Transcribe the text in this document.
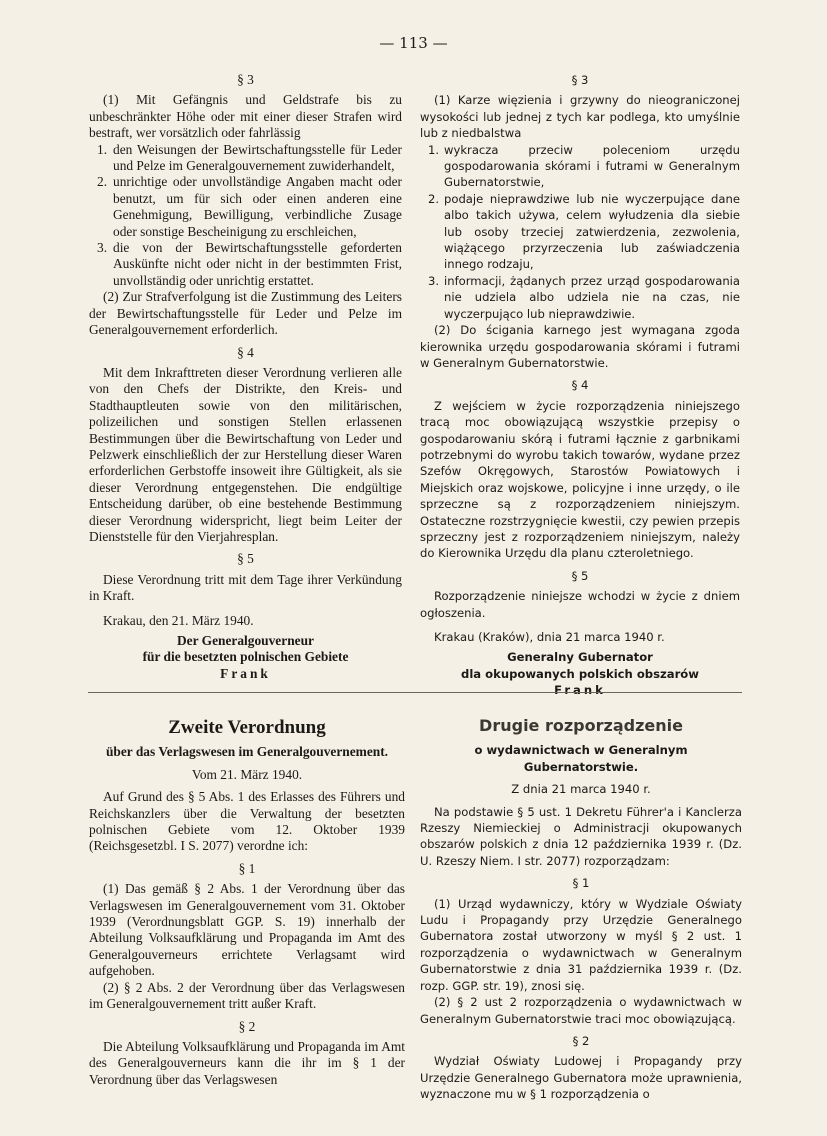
— 113 —
§ 3

(1) Mit Gefängnis und Geldstrafe bis zu unbeschränkter Höhe oder mit einer dieser Strafen wird bestraft, wer vorsätzlich oder fahrlässig

1. den Weisungen der Bewirtschaftungsstelle für Leder und Pelze im Generalgouvernement zuwiderhandelt,
2. unrichtige oder unvollständige Angaben macht oder benutzt, um für sich oder einen anderen eine Genehmigung, Bewilligung, verbindliche Zusage oder sonstige Bescheinigung zu erschleichen,
3. die von der Bewirtschaftungsstelle geforderten Auskünfte nicht oder nicht in der bestimmten Frist, unvollständig oder unrichtig erstattet.

(2) Zur Strafverfolgung ist die Zustimmung des Leiters der Bewirtschaftungsstelle für Leder und Pelze im Generalgouvernement erforderlich.

§ 4

Mit dem Inkrafttreten dieser Verordnung verlieren alle von den Chefs der Distrikte, den Kreis- und Stadthauptleuten sowie von den militärischen, polizeilichen und sonstigen Stellen erlassenen Bestimmungen über die Bewirtschaftung von Leder und Pelzwerk einschließlich der zur Herstellung dieser Waren erforderlichen Gerbstoffe insoweit ihre Gültigkeit, als sie dieser Verordnung entgegenstehen. Die endgültige Entscheidung darüber, ob eine bestehende Bestimmung dieser Verordnung widerspricht, liegt beim Leiter der Dienststelle für den Vierjahresplan.

§ 5

Diese Verordnung tritt mit dem Tage ihrer Verkündung in Kraft.

Krakau, den 21. März 1940.

Der Generalgouverneur
für die besetzten polnischen Gebiete
Frank
§ 3

(1) Karze więzienia i grzywny do nieograniczonej wysokości lub jednej z tych kar podlega, kto umyślnie lub z niedbalstwa

1. wykracza przeciw poleceniom urzędu gospodarowania skórami i futrami w Generalnym Gubernatorstwie,
2. podaje nieprawdziwe lub nie wyczerpujące dane albo takich używa, celem wyłudzenia dla siebie lub osoby trzeciej zatwierdzenia, zezwolenia, wiążącego przyrzeczenia lub zaświadczenia innego rodzaju,
3. informacji, żądanych przez urząd gospodarowania nie udziela albo udziela nie na czas, nie wyczerpująco lub nieprawdziwie.

(2) Do ścigania karnego jest wymagana zgoda kierownika urzędu gospodarowania skórami i futrami w Generalnym Gubernatorstwie.

§ 4

Z wejściem w życie rozporządzenia niniejszego tracą moc obowiązującą wszystkie przepisy o gospodarowaniu skórą i futrami łącznie z garbnikami potrzebnymi do wyrobu takich towarów, wydane przez Szefów Okręgowych, Starostów Powiatowych i Miejskich oraz wojskowe, policyjne i inne urzędy, o ile sprzeczne są z rozporządzeniem niniejszym. Ostateczne rozstrzygnięcie kwestii, czy pewien przepis sprzeczny jest z rozporządzeniem niniejszym, należy do Kierownika Urzędu dla planu czteroletniego.

§ 5

Rozporządzenie niniejsze wchodzi w życie z dniem ogłoszenia.

Krakau (Kraków), dnia 21 marca 1940 r.

Generalny Gubernator
dla okupowanych polskich obszarów
Frank
Zweite Verordnung
über das Verlagswesen im Generalgouvernement.
Vom 21. März 1940.

Auf Grund des § 5 Abs. 1 des Erlasses des Führers und Reichskanzlers über die Verwaltung der besetzten polnischen Gebiete vom 12. Oktober 1939 (Reichsgesetzbl. I S. 2077) verordne ich:

§ 1

(1) Das gemäß § 2 Abs. 1 der Verordnung über das Verlagswesen im Generalgouvernement vom 31. Oktober 1939 (Verordnungsblatt GGP. S. 19) innerhalb der Abteilung Volksaufklärung und Propaganda im Amt des Generalgouverneurs errichtete Verlagsamt wird aufgehoben.

(2) § 2 Abs. 2 der Verordnung über das Verlagswesen im Generalgouvernement tritt außer Kraft.

§ 2

Die Abteilung Volksaufklärung und Propaganda im Amt des Generalgouverneurs kann die ihr im § 1 der Verordnung über das Verlagswesen

Drugie rozporządzenie
o wydawnictwach w Generalnym Gubernatorstwie.
Z dnia 21 marca 1940 r.

Na podstawie § 5 ust. 1 Dekretu Führer'a i Kanclerza Rzeszy Niemieckiej o Administracji okupowanych obszarów polskich z dnia 12 października 1939 r. (Dz. U. Rzeszy Niem. I str. 2077) rozporządzam:

§ 1

(1) Urząd wydawniczy, który w Wydziale Oświaty Ludu i Propagandy przy Urzędzie Generalnego Gubernatora został utworzony w myśl § 2 ust. 1 rozporządzenia o wydawnictwach w Generalnym Gubernatorstwie z dnia 31 października 1939 r. (Dz. rozp. GGP. str. 19), znosi się.

(2) § 2 ust 2 rozporządzenia o wydawnictwach w Generalnym Gubernatorstwie traci moc obowiązującą.

§ 2

Wydział Oświaty Ludowej i Propagandy przy Urzędzie Generalnego Gubernatora może uprawnienia, wyznaczone mu w § 1 rozporządzenia o
